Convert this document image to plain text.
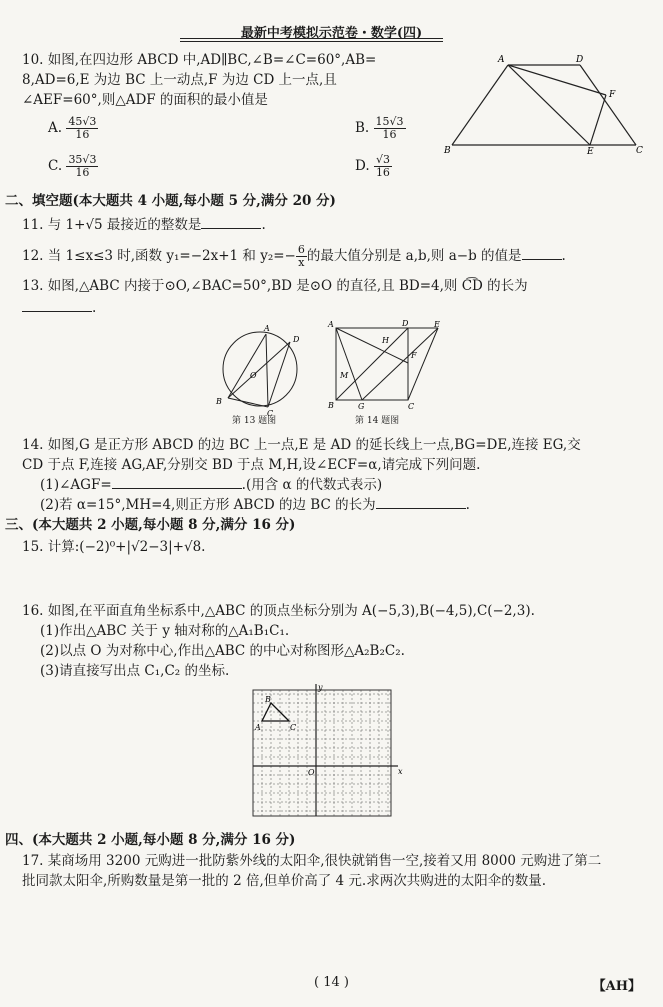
最新中考模拟示范卷・数学(四)
10. 如图,在四边形 ABCD 中,AD∥BC,∠B=∠C=60°,AB=
8,AD=6,E 为边 BC 上一动点,F 为边 CD 上一点,且
∠AEF=60°,则△ADF 的面积的最小值是
A. $\frac{45√3}{16}$	B. $\frac{15√3}{16}$
C. $\frac{35√3}{16}$	D. $\frac{√3}{16}$
A	D
F
B	E	C
二、填空题(本大题共 4 小题,每小题 5 分,满分 20 分)
11. 与 1+√5 最接近的整数是	.
12. 当 1≤x≤3 时,函数 y₁=−2x+1 和 $y_2=- \frac{6}{x}$ 的最大值分别是 a,b,则 a−b 的值是	.
13. 如图,△ABC 内接于⊙O,∠BAC=50°,BD 是⊙O 的直径,且 BD=4,则 C͡D 的长为
.
A
D
O
B
C
第 13 题图
A	D	E
H
F
M
B	G	C
第 14 题图
14. 如图,G 是正方形 ABCD 的边 BC 上一点,E 是 AD 的延长线上一点,BG=DE,连接 EG,交
CD 于点 F,连接 AG,AF,分别交 BD 于点 M,H,设∠ECF=α,请完成下列问题.
(1)∠AGF=	.(用含 α 的代数式表示)
(2)若 α=15°,MH=4,则正方形 ABCD 的边 BC 的长为	.
三、(本大题共 2 小题,每小题 8 分,满分 16 分)
15. 计算:(−2)⁰+|√2−3|+√8.
16. 如图,在平面直角坐标系中,△ABC 的顶点坐标分别为 A(−5,3),B(−4,5),C(−2,3).
(1)作出△ABC 关于 y 轴对称的△A₁B₁C₁.
(2)以点 O 为对称中心,作出△ABC 的中心对称图形△A₂B₂C₂.
(3)请直接写出点 C₁,C₂ 的坐标.
y
x
O
A
B
C
四、(本大题共 2 小题,每小题 8 分,满分 16 分)
17. 某商场用 3200 元购进一批防紫外线的太阳伞,很快就销售一空,接着又用 8000 元购进了第二
批同款太阳伞,所购数量是第一批的 2 倍,但单价高了 4 元.求两次共购进的太阳伞的数量.
( 14 )	【AH】
